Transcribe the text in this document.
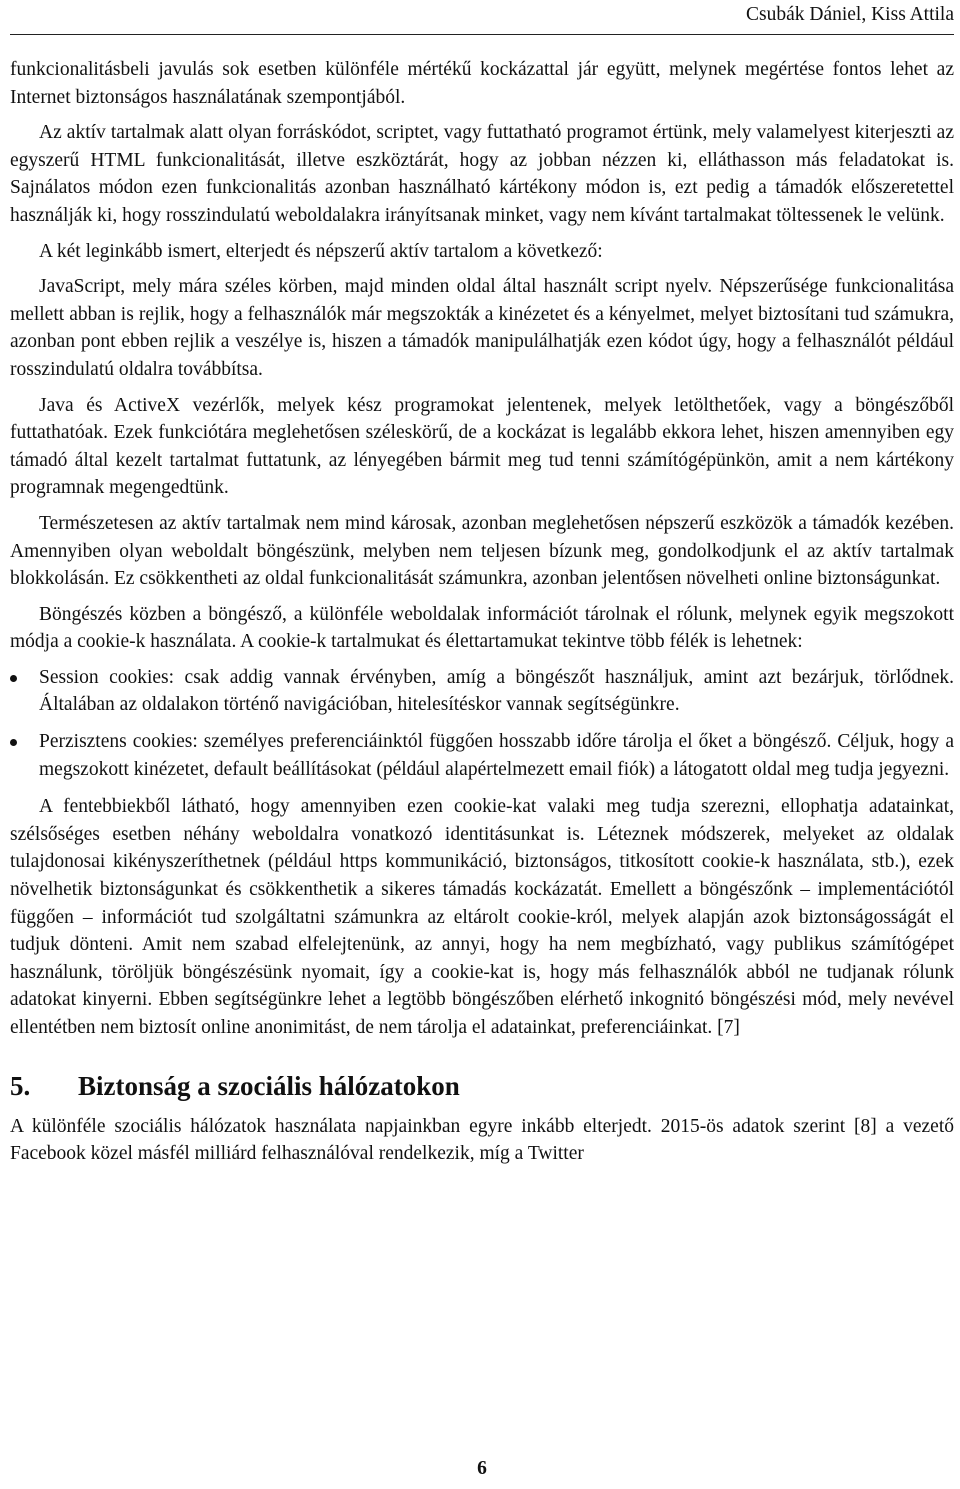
Csubák Dániel, Kiss Attila

funkcionalitásbeli javulás sok esetben különféle mértékű kockázattal jár együtt, melynek megértése fontos lehet az Internet biztonságos használatának szempontjából.

Az aktív tartalmak alatt olyan forráskódot, scriptet, vagy futtatható programot értünk, mely valamelyest kiterjeszti az egyszerű HTML funkcionalitását, illetve eszköztárát, hogy az jobban nézzen ki, elláthasson más feladatokat is. Sajnálatos módon ezen funkcionalitás azonban használható kártékony módon is, ezt pedig a támadók előszeretettel használják ki, hogy rosszindulatú weboldalakra irányítsanak minket, vagy nem kívánt tartalmakat töltessenek le velünk.

A két leginkább ismert, elterjedt és népszerű aktív tartalom a következő:

JavaScript, mely mára széles körben, majd minden oldal által használt script nyelv. Népszerűsége funkcionalitása mellett abban is rejlik, hogy a felhasználók már megszokták a kinézetet és a kényelmet, melyet biztosítani tud számukra, azonban pont ebben rejlik a veszélye is, hiszen a támadók manipulálhatják ezen kódot úgy, hogy a felhasználót például rosszindulatú oldalra továbbítsa.

Java és ActiveX vezérlők, melyek kész programokat jelentenek, melyek letölthetőek, vagy a böngészőből futtathatóak. Ezek funkciótára meglehetősen széleskörű, de a kockázat is legalább ekkora lehet, hiszen amennyiben egy támadó által kezelt tartalmat futtatunk, az lényegében bármit meg tud tenni számítógépünkön, amit a nem kártékony programnak megengedtünk.

Természetesen az aktív tartalmak nem mind károsak, azonban meglehetősen népszerű eszközök a támadók kezében. Amennyiben olyan weboldalt böngészünk, melyben nem teljesen bízunk meg, gondolkodjunk el az aktív tartalmak blokkolásán. Ez csökkentheti az oldal funkcionalitását számunkra, azonban jelentősen növelheti online biztonságunkat.

Böngészés közben a böngésző, a különféle weboldalak információt tárolnak el rólunk, melynek egyik megszokott módja a cookie-k használata. A cookie-k tartalmukat és élettartamukat tekintve több félék is lehetnek:

Session cookies: csak addig vannak érvényben, amíg a böngészőt használjuk, amint azt bezárjuk, törlődnek. Általában az oldalakon történő navigációban, hitelesítéskor vannak segítségünkre.
Perzisztens cookies: személyes preferenciáinktól függően hosszabb időre tárolja el őket a böngésző. Céljuk, hogy a megszokott kinézetet, default beállításokat (például alapértelmezett email fiók) a látogatott oldal meg tudja jegyezni.

A fentebbiekből látható, hogy amennyiben ezen cookie-kat valaki meg tudja szerezni, ellophatja adatainkat, szélsőséges esetben néhány weboldalra vonatkozó identitásunkat is. Léteznek módszerek, melyeket az oldalak tulajdonosai kikényszeríthetnek (például https kommunikáció, biztonságos, titkosított cookie-k használata, stb.), ezek növelhetik biztonságunkat és csökkenthetik a sikeres támadás kockázatát. Emellett a böngészőnk – implementációtól függően – információt tud szolgáltatni számunkra az eltárolt cookie-król, melyek alapján azok biztonságosságát el tudjuk dönteni. Amit nem szabad elfelejtenünk, az annyi, hogy ha nem megbízható, vagy publikus számítógépet használunk, töröljük böngészésünk nyomait, így a cookie-kat is, hogy más felhasználók abból ne tudjanak rólunk adatokat kinyerni. Ebben segítségünkre lehet a legtöbb böngészőben elérhető inkognitó böngészési mód, mely nevével ellentétben nem biztosít online anonimitást, de nem tárolja el adatainkat, preferenciáinkat. [7]

5. Biztonság a szociális hálózatokon

A különféle szociális hálózatok használata napjainkban egyre inkább elterjedt. 2015-ös adatok szerint [8] a vezető Facebook közel másfél milliárd felhasználóval rendelkezik, míg a Twitter

6
